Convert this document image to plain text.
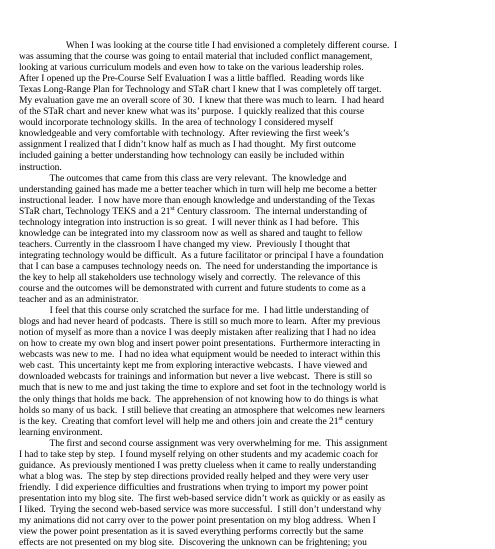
When I was looking at the course title I had envisioned a completely different course.  I
was assuming that the course was going to entail material that included conflict management,
looking at various curriculum models and even how to take on the various leadership roles.
After I opened up the Pre-Course Self Evaluation I was a little baffled.  Reading words like
Texas Long-Range Plan for Technology and STaR chart I knew that I was completely off target.
My evaluation gave me an overall score of 30.  I knew that there was much to learn.  I had heard
of the STaR chart and never knew what was its’ purpose.  I quickly realized that this course
would incorporate technology skills.  In the area of technology I considered myself
knowledgeable and very comfortable with technology.  After reviewing the first week’s
assignment I realized that I didn’t know half as much as I had thought.  My first outcome
included gaining a better understanding how technology can easily be included within
instruction.
The outcomes that came from this class are very relevant.  The knowledge and
understanding gained has made me a better teacher which in turn will help me become a better
instructional leader.  I now have more than enough knowledge and understanding of the Texas
STaR chart, Technology TEKS and a 21st Century classroom.  The internal understanding of
technology integration into instruction is so great.  I will never think as I had before.  This
knowledge can be integrated into my classroom now as well as shared and taught to fellow
teachers. Currently in the classroom I have changed my view.  Previously I thought that
integrating technology would be difficult.  As a future facilitator or principal I have a foundation
that I can base a campuses technology needs on.  The need for understanding the importance is
the key to help all stakeholders use technology wisely and correctly.  The relevance of this
course and the outcomes will be demonstrated with current and future students to come as a
teacher and as an administrator.
I feel that this course only scratched the surface for me.  I had little understanding of
blogs and had never heard of podcasts.  There is still so much more to learn.  After my previous
notion of myself as more than a novice I was deeply mistaken after realizing that I had no idea
on how to create my own blog and insert power point presentations.  Furthermore interacting in
webcasts was new to me.  I had no idea what equipment would be needed to interact within this
web cast.  This uncertainty kept me from exploring interactive webcasts.  I have viewed and
downloaded webcasts for trainings and information but never a live webcast.  There is still so
much that is new to me and just taking the time to explore and set foot in the technology world is
the only things that holds me back.  The apprehension of not knowing how to do things is what
holds so many of us back.  I still believe that creating an atmosphere that welcomes new learners
is the key.  Creating that comfort level will help me and others join and create the 21st century
learning environment.
The first and second course assignment was very overwhelming for me.  This assignment
I had to take step by step.  I found myself relying on other students and my academic coach for
guidance.  As previously mentioned I was pretty clueless when it came to really understanding
what a blog was.  The step by step directions provided really helped and they were very user
friendly.  I did experience difficulties and frustrations when trying to import my power point
presentation into my blog site.  The first web-based service didn’t work as quickly or as easily as
I liked.  Trying the second web-based service was more successful.  I still don’t understand why
my animations did not carry over to the power point presentation on my blog address.  When I
view the power point presentation as it is saved everything performs correctly but the same
effects are not presented on my blog site.  Discovering the unknown can be frightening; you
